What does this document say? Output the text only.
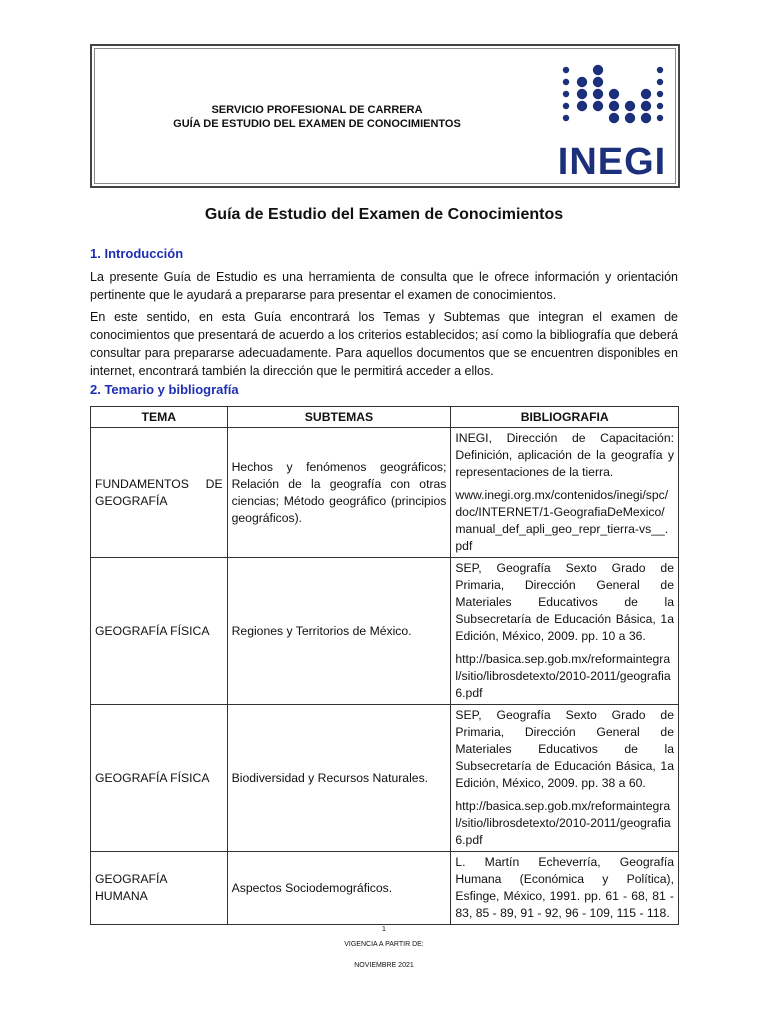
SERVICIO PROFESIONAL DE CARRERA
GUÍA DE ESTUDIO DEL EXAMEN DE CONOCIMIENTOS
INEGI
Guía de Estudio del Examen de Conocimientos
1. Introducción
La presente Guía de Estudio es una herramienta de consulta que le ofrece información y orientación pertinente que le ayudará a prepararse para presentar el examen de conocimientos.
En este sentido, en esta Guía encontrará los Temas y Subtemas que integran el examen de conocimientos que presentará de acuerdo a los criterios establecidos; así como la bibliografía que deberá consultar para prepararse adecuadamente. Para aquellos documentos que se encuentren disponibles en internet, encontrará también la dirección que le permitirá acceder a ellos.
2. Temario y bibliografía
TEMA	SUBTEMAS	BIBLIOGRAFIA
FUNDAMENTOS DE GEOGRAFÍA	Hechos y fenómenos geográficos; Relación de la geografía con otras ciencias; Método geográfico (principios geográficos).	INEGI, Dirección de Capacitación: Definición, aplicación de la geografía y representaciones de la tierra.

www.inegi.org.mx/contenidos/inegi/spc/doc/INTERNET/1-GeografiaDeMexico/manual_def_apli_geo_repr_tierra-vs__.pdf

GEOGRAFÍA FÍSICA	Regiones y Territorios de México.	SEP, Geografía Sexto Grado de Primaria, Dirección General de Materiales Educativos de la Subsecretaría de Educación Básica, 1a Edición, México, 2009. pp. 10 a 36.

http://basica.sep.gob.mx/reformaintegral/sitio/librosdetexto/2010-2011/geografia6.pdf

GEOGRAFÍA FÍSICA	Biodiversidad y Recursos Naturales.	SEP, Geografía Sexto Grado de Primaria, Dirección General de Materiales Educativos de la Subsecretaría de Educación Básica, 1a Edición, México, 2009. pp. 38 a 60.

http://basica.sep.gob.mx/reformaintegral/sitio/librosdetexto/2010-2011/geografia6.pdf

GEOGRAFÍA HUMANA	Aspectos Sociodemográficos.	L. Martín Echeverría, Geografía Humana (Económica y Política), Esfinge, México, 1991. pp. 61 - 68, 81 - 83, 85 - 89, 91 - 92, 96 - 109, 115 - 118.

1
VIGENCIA A PARTIR DE:
NOVIEMBRE 2021
